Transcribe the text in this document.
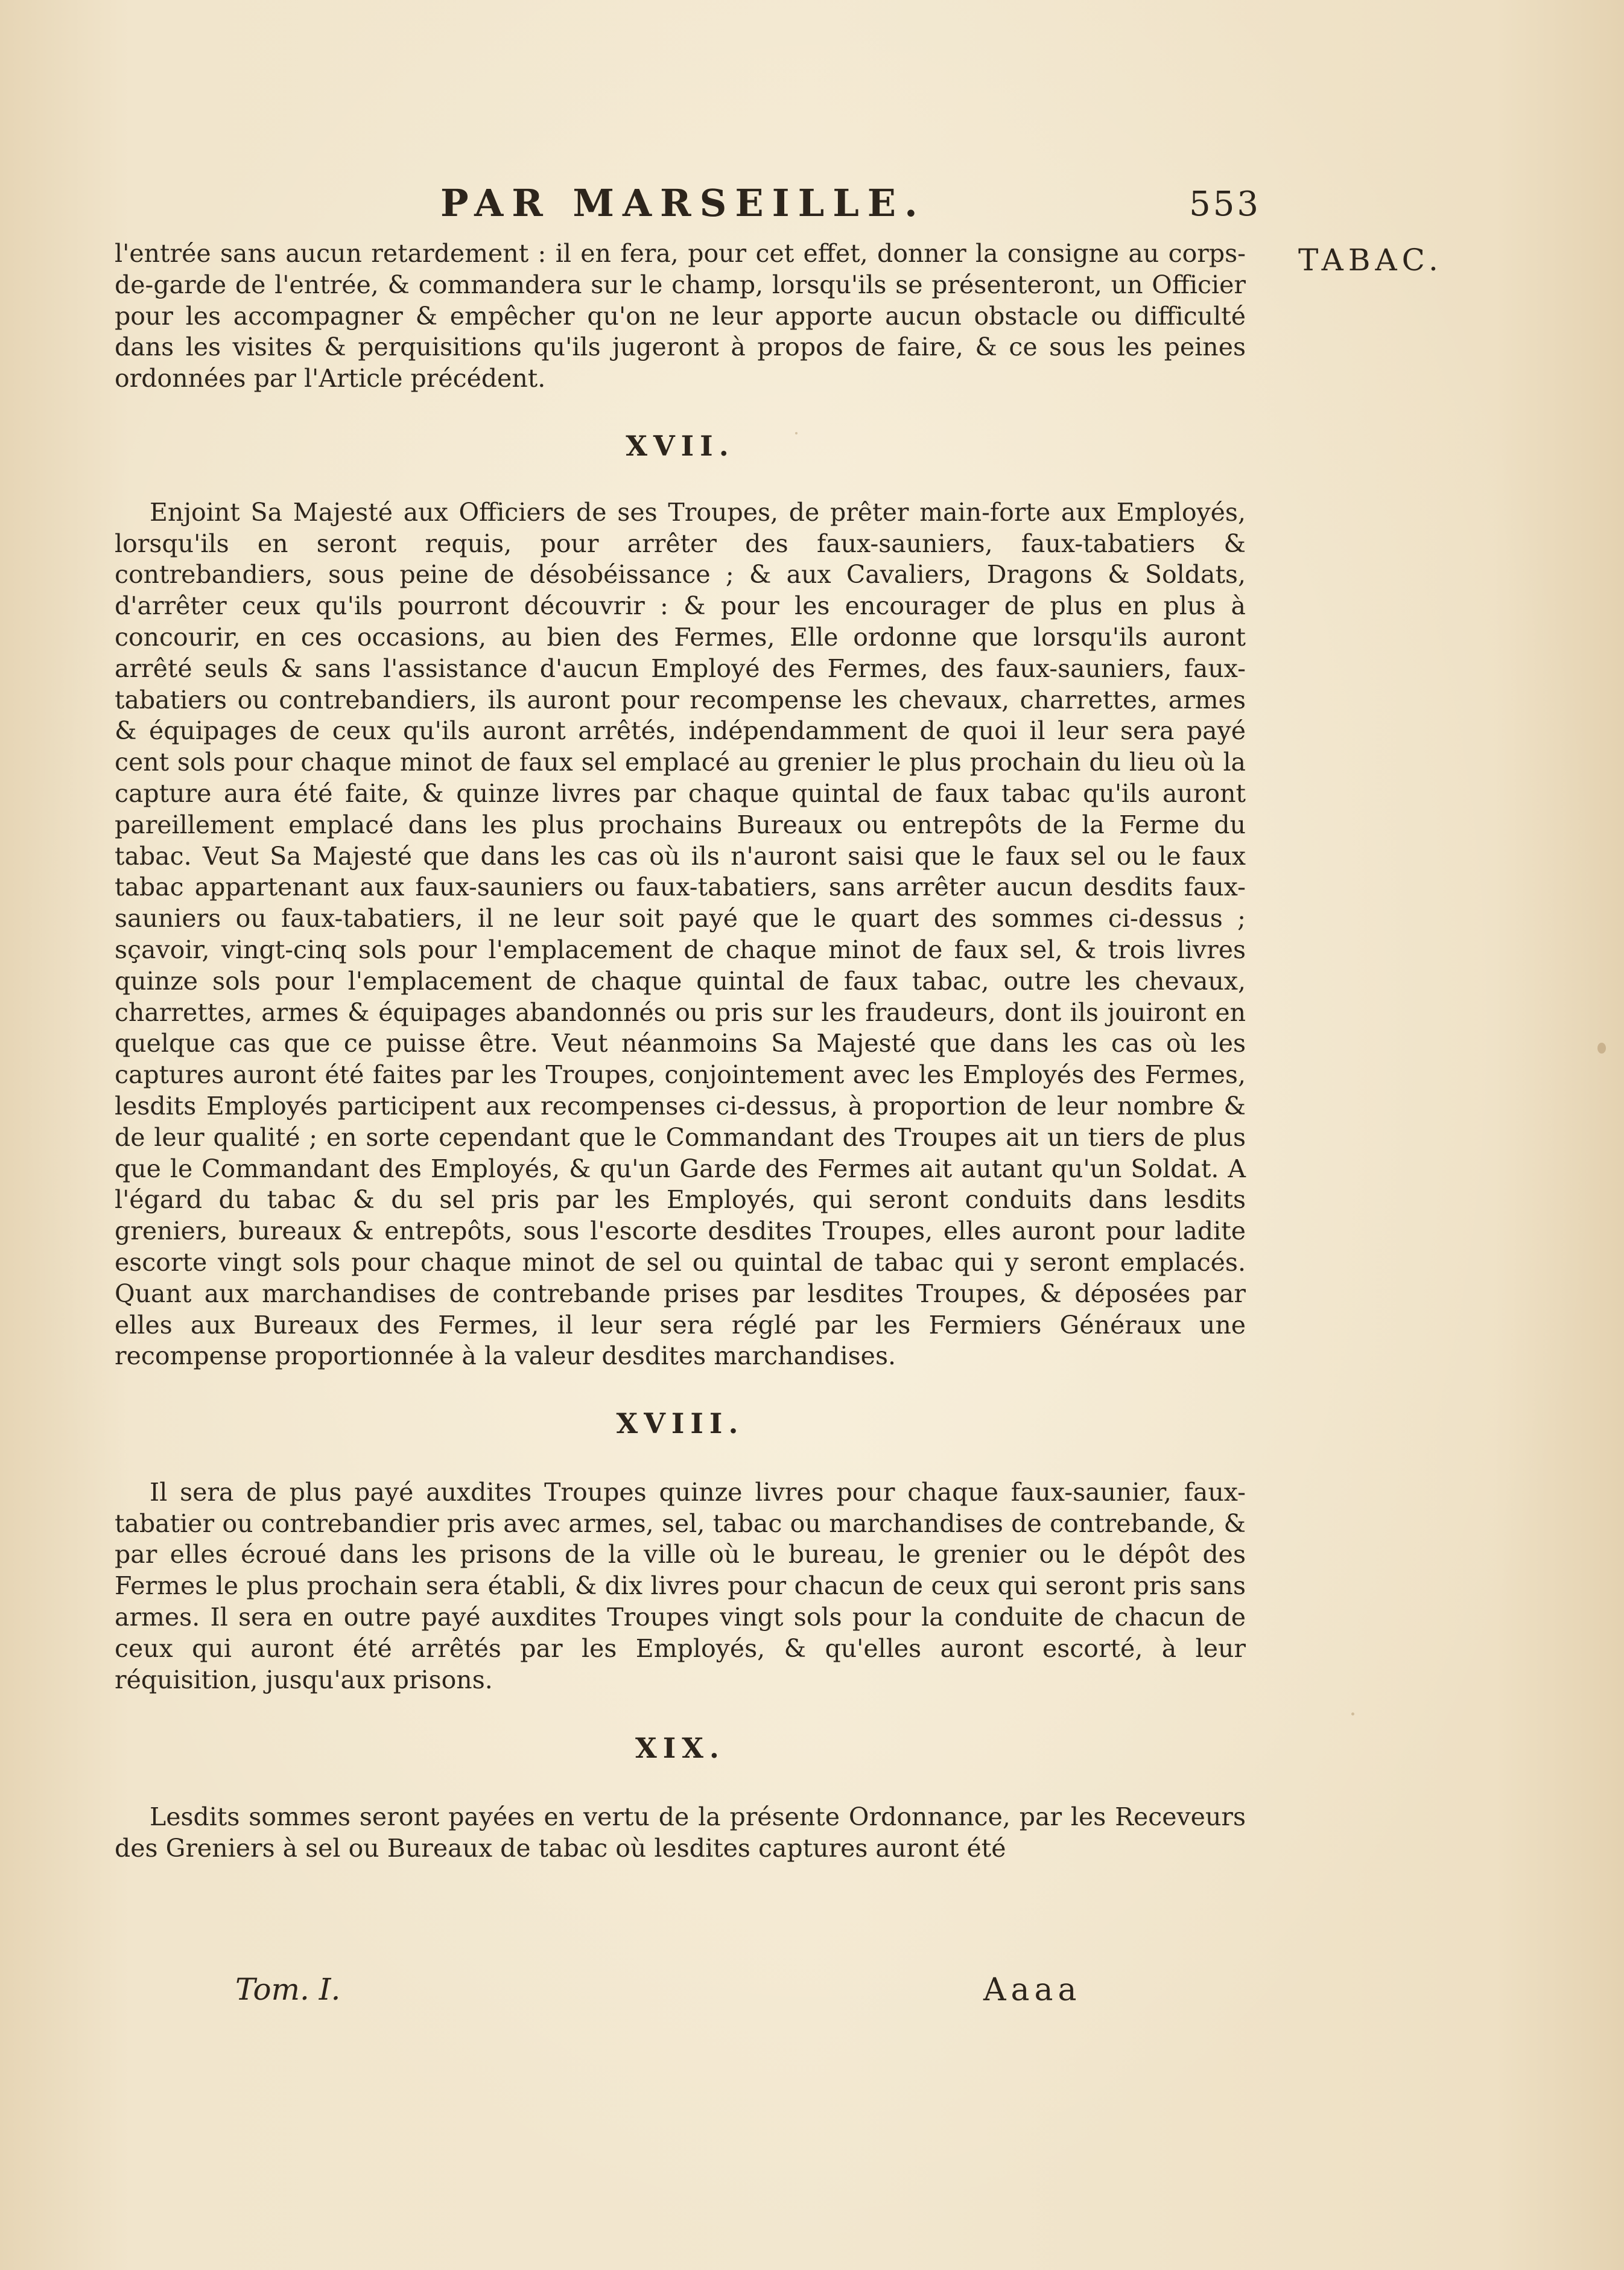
PAR MARSEILLE.	553
TABAC.

l'entrée sans aucun retardement : il en fera, pour cet effet, donner la consigne au corps-de-garde de l'entrée, & commandera sur le champ, lorsqu'ils se présenteront, un Officier pour les accompagner & empêcher qu'on ne leur apporte aucun obstacle ou difficulté dans les visites & perquisitions qu'ils jugeront à propos de faire, & ce sous les peines ordonnées par l'Article précédent.

XVII.

Enjoint Sa Majesté aux Officiers de ses Troupes, de prêter main-forte aux Employés, lorsqu'ils en seront requis, pour arrêter des faux-sauniers, faux-tabatiers & contrebandiers, sous peine de désobéissance ; & aux Cavaliers, Dragons & Soldats, d'arrêter ceux qu'ils pourront découvrir : & pour les encourager de plus en plus à concourir, en ces occasions, au bien des Fermes, Elle ordonne que lorsqu'ils auront arrêté seuls & sans l'assistance d'aucun Employé des Fermes, des faux-sauniers, faux-tabatiers ou contrebandiers, ils auront pour recompense les chevaux, charrettes, armes & équipages de ceux qu'ils auront arrêtés, indépendamment de quoi il leur sera payé cent sols pour chaque minot de faux sel emplacé au grenier le plus prochain du lieu où la capture aura été faite, & quinze livres par chaque quintal de faux tabac qu'ils auront pareillement emplacé dans les plus prochains Bureaux ou entrepôts de la Ferme du tabac. Veut Sa Majesté que dans les cas où ils n'auront saisi que le faux sel ou le faux tabac appartenant aux faux-sauniers ou faux-tabatiers, sans arrêter aucun desdits faux-sauniers ou faux-tabatiers, il ne leur soit payé que le quart des sommes ci-dessus ; sçavoir, vingt-cinq sols pour l'emplacement de chaque minot de faux sel, & trois livres quinze sols pour l'emplacement de chaque quintal de faux tabac, outre les chevaux, charrettes, armes & équipages abandonnés ou pris sur les fraudeurs, dont ils jouiront en quelque cas que ce puisse être. Veut néanmoins Sa Majesté que dans les cas où les captures auront été faites par les Troupes, conjointement avec les Employés des Fermes, lesdits Employés participent aux recompenses ci-dessus, à proportion de leur nombre & de leur qualité ; en sorte cependant que le Commandant des Troupes ait un tiers de plus que le Commandant des Employés, & qu'un Garde des Fermes ait autant qu'un Soldat. A l'égard du tabac & du sel pris par les Employés, qui seront conduits dans lesdits greniers, bureaux & entrepôts, sous l'escorte desdites Troupes, elles auront pour ladite escorte vingt sols pour chaque minot de sel ou quintal de tabac qui y seront emplacés. Quant aux marchandises de contrebande prises par lesdites Troupes, & déposées par elles aux Bureaux des Fermes, il leur sera réglé par les Fermiers Généraux une recompense proportionnée à la valeur desdites marchandises.

XVIII.

Il sera de plus payé auxdites Troupes quinze livres pour chaque faux-saunier, faux-tabatier ou contrebandier pris avec armes, sel, tabac ou marchandises de contrebande, & par elles écroué dans les prisons de la ville où le bureau, le grenier ou le dépôt des Fermes le plus prochain sera établi, & dix livres pour chacun de ceux qui seront pris sans armes. Il sera en outre payé auxdites Troupes vingt sols pour la conduite de chacun de ceux qui auront été arrêtés par les Employés, & qu'elles auront escorté, à leur réquisition, jusqu'aux prisons.

XIX.

Lesdits sommes seront payées en vertu de la présente Ordonnance, par les Receveurs des Greniers à sel ou Bureaux de tabac où lesdites captures auront été

Tom. I.	Aaaa
